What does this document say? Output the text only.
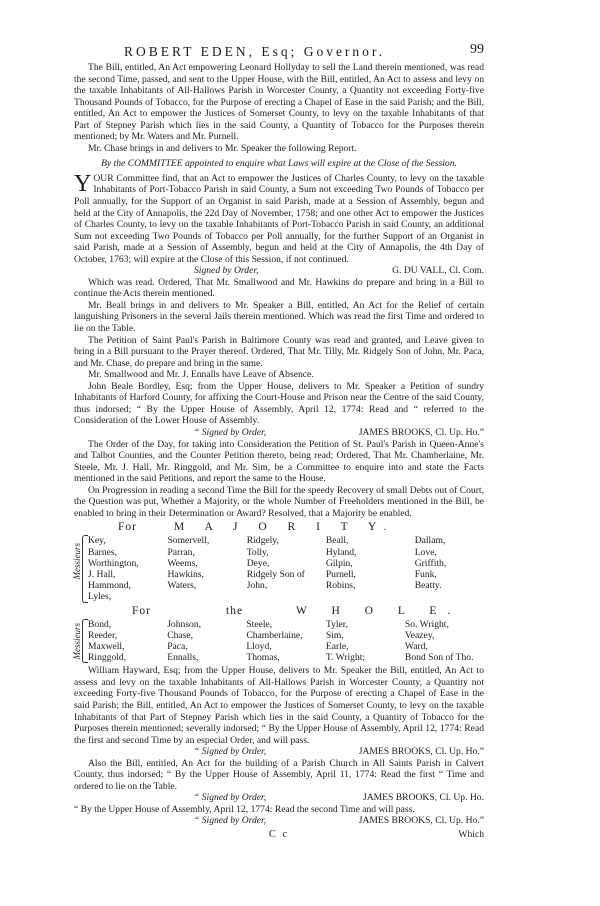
ROBERT EDEN, Esq; Governor.	99

The Bill, entitled, An Act empowering Leonard Hollyday to sell the Land therein mentioned, was read the second Time, passed, and sent to the Upper House, with the Bill, entitled, An Act to assess and levy on the taxable Inhabitants of All-Hallows Parish in Worcester County, a Quantity not exceeding Forty-five Thousand Pounds of Tobacco, for the Purpose of erecting a Chapel of Ease in the said Parish; and the Bill, entitled, An Act to empower the Justices of Somerset County, to levy on the taxable Inhabitants of that Part of Stepney Parish which lies in the said County, a Quantity of Tobacco for the Purposes therein mentioned; by Mr. Waters and Mr. Purnell.

Mr. Chase brings in and delivers to Mr. Speaker the following Report.

By the COMMITTEE appointed to enquire what Laws will expire at the Close of the Session.

YOUR Committee find, that an Act to empower the Justices of Charles County, to levy on the taxable Inhabitants of Port-Tobacco Parish in said County, a Sum not exceeding Two Pounds of Tobacco per Poll annually, for the Support of an Organist in said Parish, made at a Session of Assembly, begun and held at the City of Annapolis, the 22d Day of November, 1758; and one other Act to empower the Justices of Charles County, to levy on the taxable Inhabitants of Port-Tobacco Parish in said County, an additional Sum not exceeding Two Pounds of Tobacco per Poll annually, for the further Support of an Organist in said Parish, made at a Session of Assembly, begun and held at the City of Annapolis, the 4th Day of October, 1763; will expire at the Close of this Session, if not continued.

Signed by Order,	G. DU VALL, Cl. Com.

Which was read. Ordered, That Mr. Smallwood and Mr. Hawkins do prepare and bring in a Bill to continue the Acts therein mentioned.

Mr. Beall brings in and delivers to Mr. Speaker a Bill, entitled, An Act for the Relief of certain languishing Prisoners in the several Jails therein mentioned. Which was read the first Time and ordered to lie on the Table.

The Petition of Saint Paul's Parish in Baltimore County was read and granted, and Leave given to bring in a Bill pursuant to the Prayer thereof. Ordered, That Mr. Tilly, Mr. Ridgely Son of John, Mr. Paca, and Mr. Chase, do prepare and bring in the same.

Mr. Smallwood and Mr. J. Ennalls have Leave of Absence.

John Beale Bordley, Esq; from the Upper House, delivers to Mr. Speaker a Petition of sundry Inhabitants of Harford County, for affixing the Court-House and Prison near the Centre of the said County, thus indorsed; “ By the Upper House of Assembly, April 12, 1774: Read and “ referred to the Consideration of the Lower House of Assembly.

“ Signed by Order,	JAMES BROOKS, Cl. Up. Ho.”

The Order of the Day, for taking into Consideration the Petition of St. Paul's Parish in Queen-Anne's and Talbot Counties, and the Counter Petition thereto, being read; Ordered, That Mr. Chamberlaine, Mr. Steele, Mr. J. Hall, Mr. Ringgold, and Mr. Sim, be a Committee to enquire into and state the Facts mentioned in the said Petitions, and report the same to the House.

On Progression in reading a second Time the Bill for the speedy Recovery of small Debts out of Court, the Question was put, Whether a Majority, or the whole Number of Freeholders mentioned in the Bill, be enabled to bring in their Determination or Award? Resolved, that a Majority be enabled.

For	M A J O R I T Y.
Messieurs
Key,	Somervell,	Ridgely,	Beall,	Dallam,
Barnes,	Parran,	Tolly,	Hyland,	Love,
Worthington,	Weems,	Deye,	Gilpin,	Griffith,
J. Hall,	Hawkins,	Ridgely Son of	Purnell,	Funk,
Hammond,	Waters,	John,	Robins,	Beatty.
Lyles,				
For	the	W H O L E.
Messieurs Bond,	Johnson,	Steele,	Tyler,	So. Wright,
Reeder,	Chase,	Chamberlaine,	Sim,	Veazey,
Maxwell,	Paca,	Lloyd,	Earle,	Ward,
Ringgold,	Ennalls,	Thomas,	T. Wright;	Bond Son of Tho.

William Hayward, Esq; from the Upper House, delivers to Mr. Speaker the Bill, entitled, An Act to assess and levy on the taxable Inhabitants of All-Hallows Parish in Worcester County, a Quantity not exceeding Forty-five Thousand Pounds of Tobacco, for the Purpose of erecting a Chapel of Ease in the said Parish; the Bill, entitled, An Act to empower the Justices of Somerset County, to levy on the taxable Inhabitants of that Part of Stepney Parish which lies in the said County, a Quantity of Tobacco for the Purposes therein mentioned; severally indorsed; “ By the Upper House of Assembly, April 12, 1774: Read the first and second Time by an especial Order, and will pass.

“ Signed by Order,	JAMES BROOKS, Cl. Up. Ho.”

Also the Bill, entitled, An Act for the building of a Parish Church in All Saints Parish in Calvert County, thus indorsed; “ By the Upper House of Assembly, April 11, 1774: Read the first “ Time and ordered to lie on the Table.

“ Signed by Order,	JAMES BROOKS, Cl. Up. Ho.

“ By the Upper House of Assembly, April 12, 1774: Read the second Time and will pass.

“ Signed by Order,	JAMES BROOKS, Cl. Up. Ho.”
C c	Which
